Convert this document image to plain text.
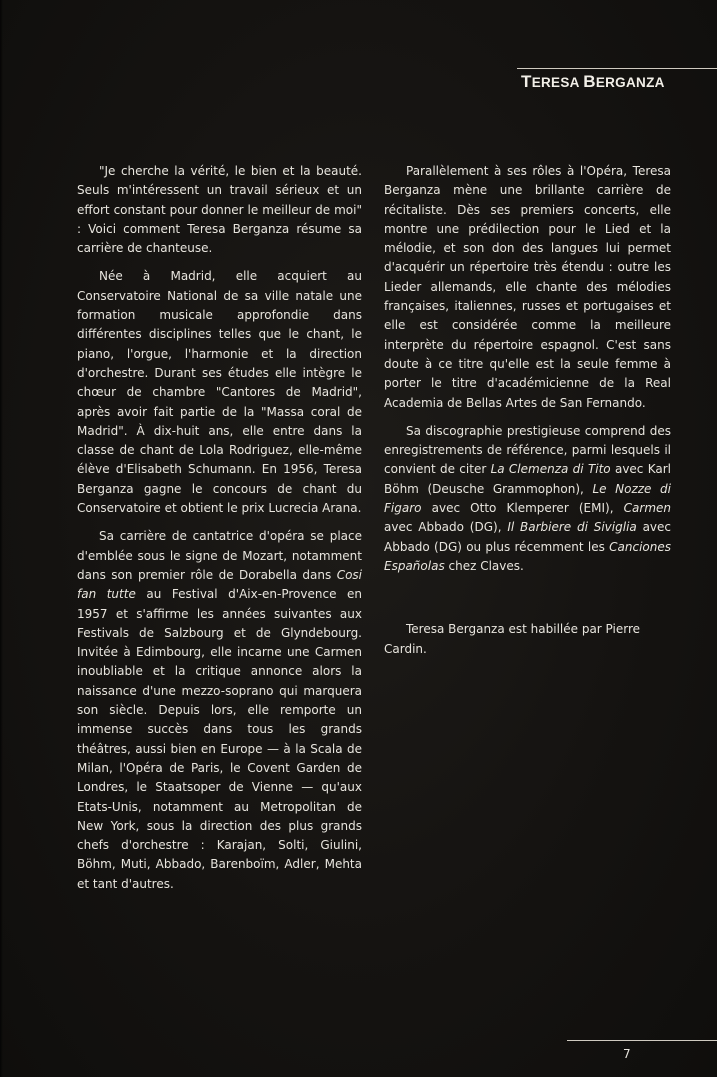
TERESA BERGANZA

"Je cherche la vérité, le bien et la beauté. Seuls m'intéressent un travail sérieux et un effort constant pour donner le meilleur de moi" : Voici comment Teresa Berganza résume sa carrière de chanteuse.

Née à Madrid, elle acquiert au Conservatoire National de sa ville natale une formation musicale approfondie dans différentes disciplines telles que le chant, le piano, l'orgue, l'harmonie et la direction d'orchestre. Durant ses études elle intègre le chœur de chambre "Cantores de Madrid", après avoir fait partie de la "Massa coral de Madrid". À dix-huit ans, elle entre dans la classe de chant de Lola Rodriguez, elle-même élève d'Elisabeth Schumann. En 1956, Teresa Berganza gagne le concours de chant du Conservatoire et obtient le prix Lucrecia Arana.

Sa carrière de cantatrice d'opéra se place d'emblée sous le signe de Mozart, notamment dans son premier rôle de Dorabella dans Cosi fan tutte au Festival d'Aix-en-Provence en 1957 et s'affirme les années suivantes aux Festivals de Salzbourg et de Glyndebourg. Invitée à Edimbourg, elle incarne une Carmen inoubliable et la critique annonce alors la naissance d'une mezzo-soprano qui marquera son siècle. Depuis lors, elle remporte un immense succès dans tous les grands théâtres, aussi bien en Europe — à la Scala de Milan, l'Opéra de Paris, le Covent Garden de Londres, le Staatsoper de Vienne — qu'aux Etats-Unis, notamment au Metropolitan de New York, sous la direction des plus grands chefs d'orchestre : Karajan, Solti, Giulini, Böhm, Muti, Abbado, Barenboïm, Adler, Mehta et tant d'autres.

Parallèlement à ses rôles à l'Opéra, Teresa Berganza mène une brillante carrière de récitaliste. Dès ses premiers concerts, elle montre une prédilection pour le Lied et la mélodie, et son don des langues lui permet d'acquérir un répertoire très étendu : outre les Lieder allemands, elle chante des mélodies françaises, italiennes, russes et portugaises et elle est considérée comme la meilleure interprète du répertoire espagnol. C'est sans doute à ce titre qu'elle est la seule femme à porter le titre d'académicienne de la Real Academia de Bellas Artes de San Fernando.

Sa discographie prestigieuse comprend des enregistrements de référence, parmi lesquels il convient de citer La Clemenza di Tito avec Karl Böhm (Deusche Grammophon), Le Nozze di Figaro avec Otto Klemperer (EMI), Carmen avec Abbado (DG), Il Barbiere di Siviglia avec Abbado (DG) ou plus récemment les Canciones Españolas chez Claves.

Teresa Berganza est habillée par Pierre Cardin.

7
